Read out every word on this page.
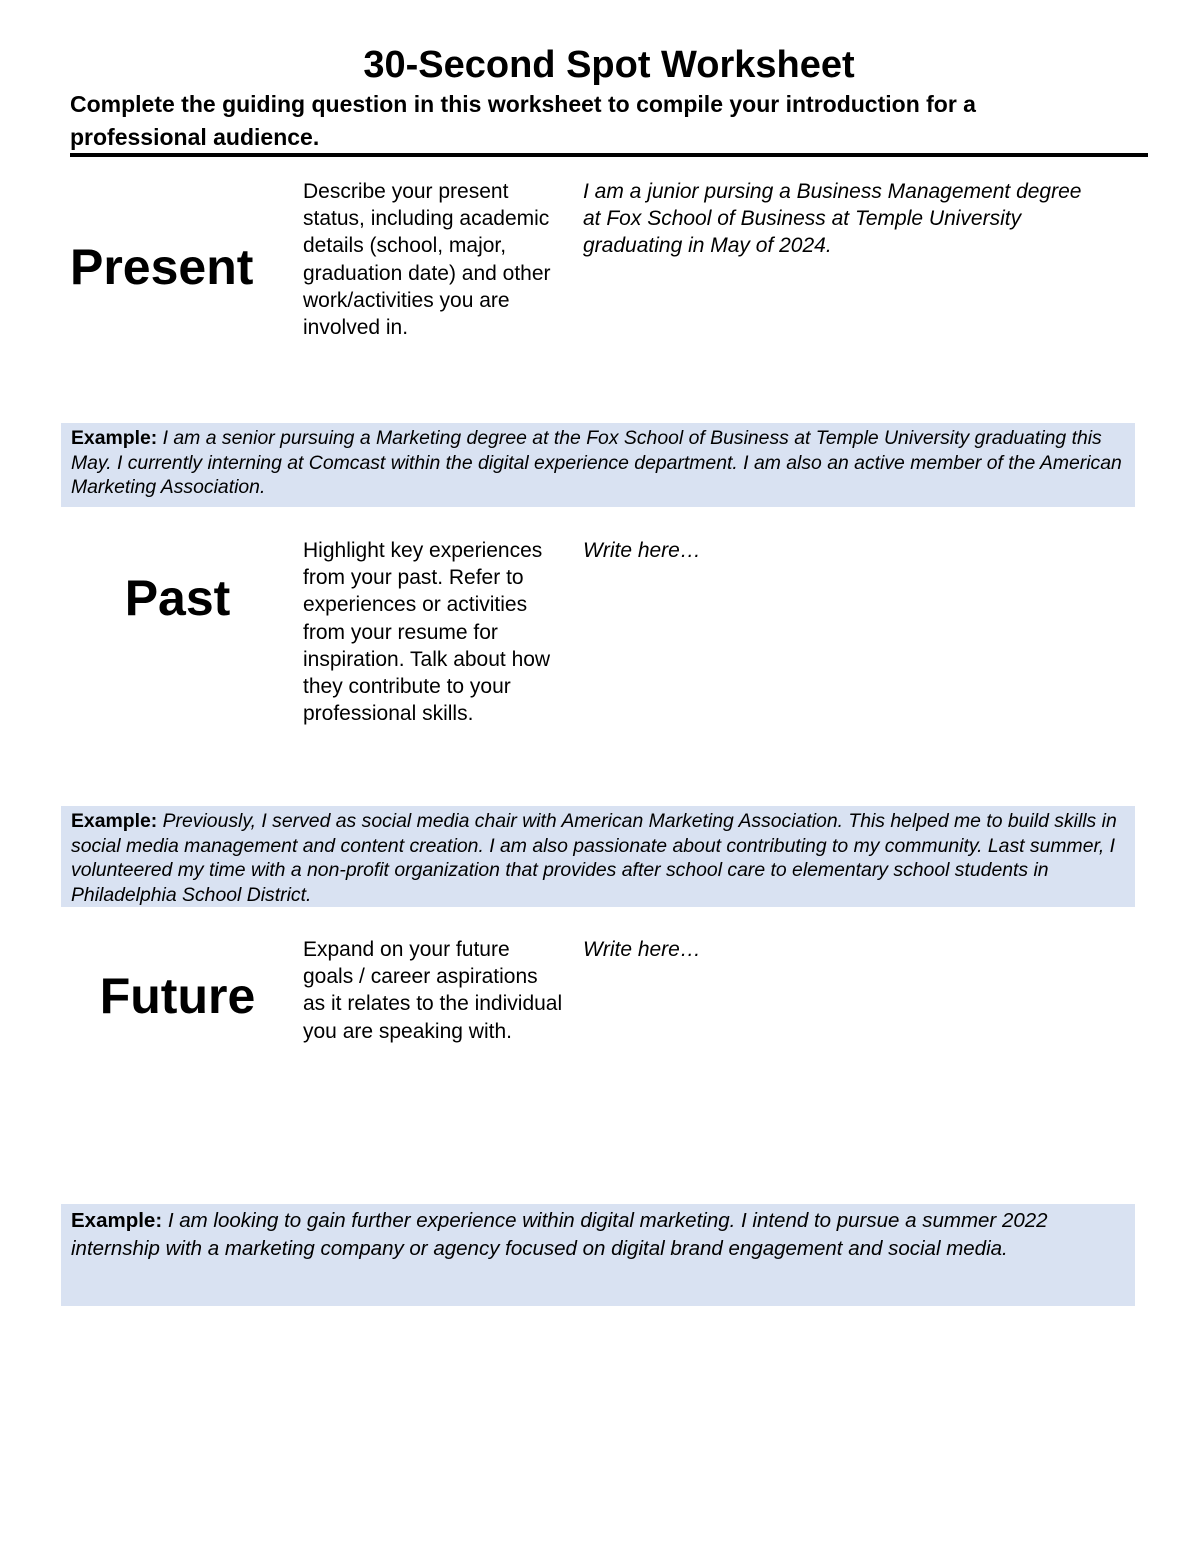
30-Second Spot Worksheet
Complete the guiding question in this worksheet to compile your introduction for a professional audience.
Present
Describe your present status, including academic details (school, major, graduation date) and other work/activities you are involved in.
I am a junior pursing a Business Management degree at Fox School of Business at Temple University graduating in May of 2024.
Example: I am a senior pursuing a Marketing degree at the Fox School of Business at Temple University graduating this May. I currently interning at Comcast within the digital experience department. I am also an active member of the American Marketing Association.
Past
Highlight key experiences from your past. Refer to experiences or activities from your resume for inspiration. Talk about how they contribute to your professional skills.
Write here…
Example: Previously, I served as social media chair with American Marketing Association. This helped me to build skills in social media management and content creation. I am also passionate about contributing to my community. Last summer, I volunteered my time with a non-profit organization that provides after school care to elementary school students in Philadelphia School District.
Future
Expand on your future goals / career aspirations as it relates to the individual you are speaking with.
Write here…
Example: I am looking to gain further experience within digital marketing. I intend to pursue a summer 2022 internship with a marketing company or agency focused on digital brand engagement and social media.
